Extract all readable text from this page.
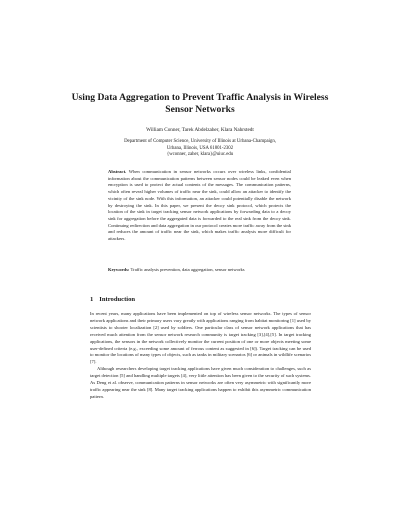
Using Data Aggregation to Prevent Traffic Analysis in Wireless Sensor Networks
William Conner, Tarek Abdelzaher, Klara Nahrstedt
Department of Computer Science, University of Illinois at Urbana-Champaign,
Urbana, Illinois, USA 61801-2302
{wconner, zaher, klara}@uiuc.edu
Abstract. When communication in sensor networks occurs over wireless links, confidential information about the communication patterns between sensor nodes could be leaked even when encryption is used to protect the actual contents of the messages. The communication patterns, which often reveal higher volumes of traffic near the sink, could allow an attacker to identify the vicinity of the sink node. With this information, an attacker could potentially disable the network by destroying the sink. In this paper, we present the decoy sink protocol, which protects the location of the sink in target tracking sensor network applications by forwarding data to a decoy sink for aggregation before the aggregated data is forwarded to the real sink from the decoy sink. Continuing redirection and data aggregation in our protocol creates more traffic away from the sink and reduces the amount of traffic near the sink, which makes traffic analysis more difficult for attackers.
Keywords: Traffic analysis prevention, data aggregation, sensor networks
1 Introduction

In recent years, many applications have been implemented on top of wireless sensor networks. The types of sensor network applications and their primary users vary greatly with applications ranging from habitat monitoring [1] used by scientists to shooter localization [2] used by soldiers. One particular class of sensor network applications that has received much attention from the sensor network research community is target tracking [3],[4],[5]. In target tracking applications, the sensors in the network collectively monitor the current position of one or more objects meeting some user-defined criteria (e.g., exceeding some amount of ferrous content as suggested in [6]). Target tracking can be used to monitor the locations of many types of objects, such as tanks in military scenarios [6] or animals in wildlife scenarios [7].

Although researchers developing target tracking applications have given much consideration to challenges, such as target detection [5] and handling multiple targets [4], very little attention has been given to the security of such systems. As Deng et al. observe, communication patterns in sensor networks are often very asymmetric with significantly more traffic appearing near the sink [8]. Many target tracking applications happen to exhibit this asymmetric communication pattern.
